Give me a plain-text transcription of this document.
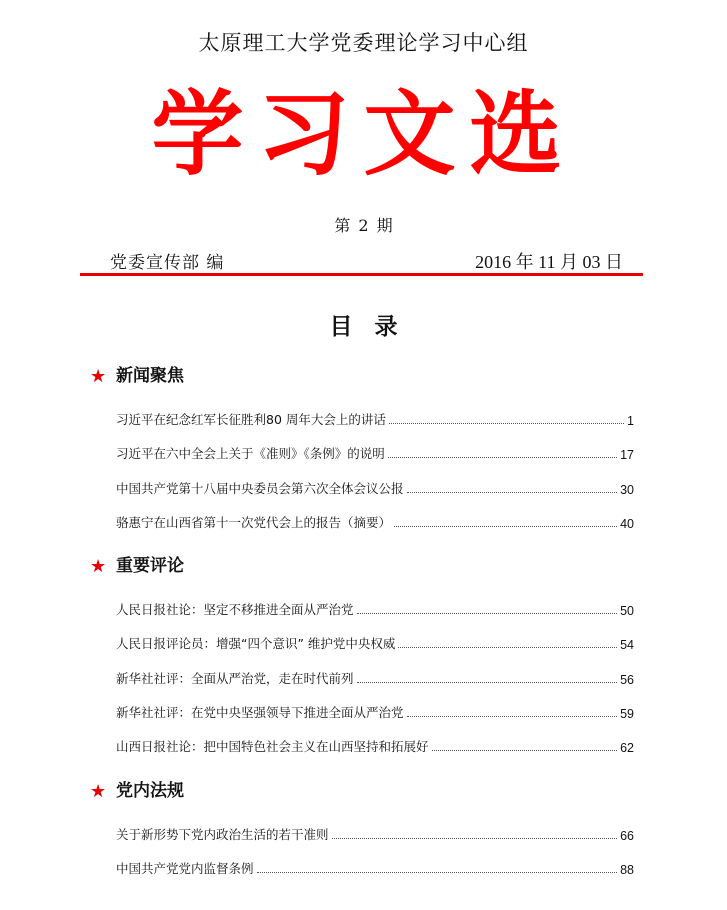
太原理工大学党委理论学习中心组
学习文选
第 2 期
党委宣传部 编	2016 年 11 月 03 日
目 录
★ 新闻聚焦
习近平在纪念红军长征胜利80 周年大会上的讲话	1
习近平在六中全会上关于《准则》《条例》的说明	17
中国共产党第十八届中央委员会第六次全体会议公报	30
骆惠宁在山西省第十一次党代会上的报告（摘要）	40
★ 重要评论
人民日报社论：坚定不移推进全面从严治党	50
人民日报评论员：增强“四个意识” 维护党中央权威	54
新华社社评：全面从严治党，走在时代前列	56
新华社社评：在党中央坚强领导下推进全面从严治党	59
山西日报社论：把中国特色社会主义在山西坚持和拓展好	62
★ 党内法规
关于新形势下党内政治生活的若干准则	66
中国共产党党内监督条例	88
